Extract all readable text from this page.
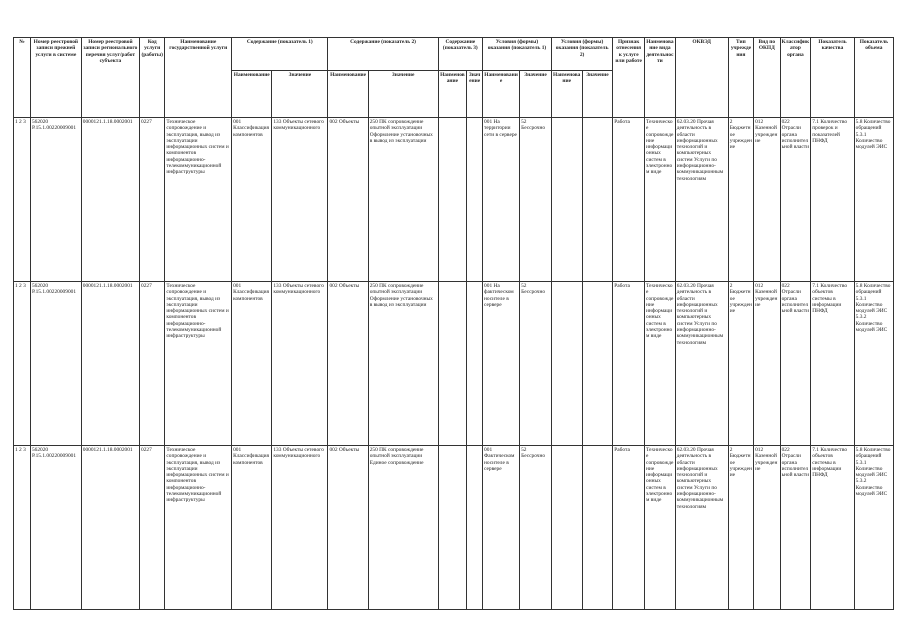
№	Номер реестровой записи прежней услуги в системе	Номер реестровой записи регионального перечня услуг/работ субъекта	Код услуги (работы)	Наименование государственной услуги	Содержание (показатель 1)		Содержание (показатель 2)		Содержание (показатель 3)		Условия (формы) оказания (показатель 1)		Условия (формы) оказания (показатель 2)		Признак отнесения к услуге или работе	Наименование вида деятельности	ОКВЭД	Тип учреждения	Вид по ОКПД	Классификатор органа	Показатель качества	Показатель объема
					Наименование	Значение	Наименование	Значение	Наименование	Значение	Наименование	Значение	Наименование	Значение								
1 2 3	562020 Р.15.1.00220009001	0000121.1.18.0002001	0227	Техническое сопровождение и эксплуатация, вывод из эксплуатации информационных систем и компонентов информационно-телекоммуникационной инфраструктуры	001 Классификация компонентов	133 Объекты сетевого коммуникационного	002 Объекты	250 ПК сопровождение опытной эксплуатации Оформление установочных в вывод из эксплуатации			001 На территории сети в сервере	52 Бессрочно			Работа	Техническое сопровождение информационных систем в электронном виде	62.03.20 Прочая деятельность в области информационных технологий и компьютерных систем Услуги по информационно-коммуникационным технологиям	2 Бюджетное учреждение	012 Казенной учреждение	022 Отрасли органа исполнительной власти	7.1 Количество проверок и показателей ПНФД	5.8 Количество обращений 5.3.1 Количество модулей ЭИС
1 2 3	562020 Р.15.1.00220009001	0000121.1.18.0002001	0227	Техническое сопровождение и эксплуатация, вывод из эксплуатации информационных систем и компонентов информационно-телекоммуникационной инфраструктуры	001 Классификация компонентов	133 Объекты сетевого коммуникационного	002 Объекты	250 ПК сопровождение опытной эксплуатации Оформление установочных в вывод из эксплуатации			001 На фактическом носителе в сервере	52 Бессрочно			Работа	Техническое сопровождение информационных систем в электронном виде	62.03.20 Прочая деятельность в области информационных технологий и компьютерных систем Услуги по информационно-коммуникационным технологиям	2 Бюджетное учреждение	012 Казенной учреждение	022 Отрасли органа исполнительной власти	7.1 Количество объектов системы в информации ПНФД	5.8 Количество обращений 5.3.1 Количество модулей ЭИС 5.3.2 Количество модулей ЭИС
1 2 3	562020 Р.15.1.00220009001	0000121.1.18.0002001	0227	Техническое сопровождение и эксплуатация, вывод из эксплуатации информационных систем и компонентов информационно-телекоммуникационной инфраструктуры	001 Классификация компонентов	133 Объекты сетевого коммуникационного	002 Объекты	250 ПК сопровождение опытной эксплуатации Единое сопровождение			001 Фактическом носителе в сервере	52 Бессрочно			Работа	Техническое сопровождение информационных систем в электронном виде	62.03.20 Прочая деятельность в области информационных технологий и компьютерных систем Услуги по информационно-коммуникационным технологиям	2 Бюджетное учреждение	012 Казенной учреждение	022 Отрасли органа исполнительной власти	7.1 Количество объектов системы в информации ПНФД	5.8 Количество обращений 5.3.1 Количество модулей ЭИС 5.3.2 Количество модулей ЭИС
